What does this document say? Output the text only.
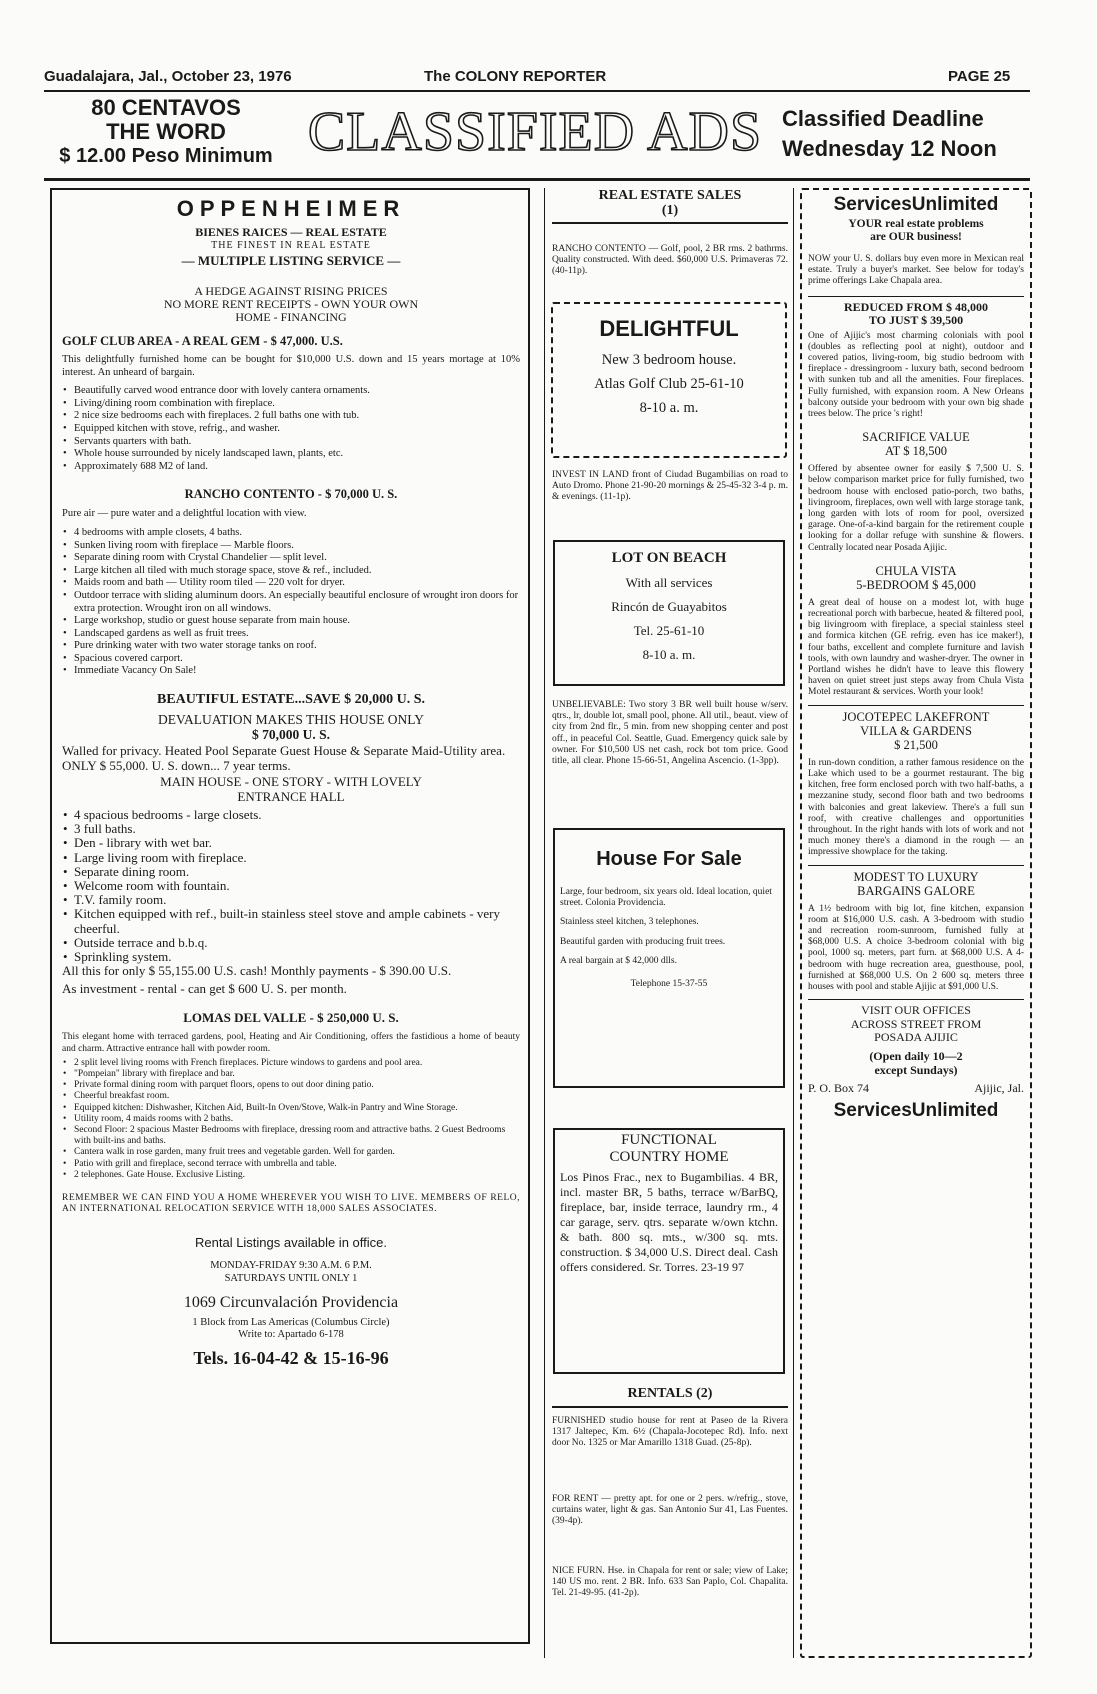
Guadalajara, Jal., October 23, 1976	The COLONY REPORTER	PAGE 25
80 CENTAVOS
THE WORD
$ 12.00 Peso Minimum CLASSIFIED ADS Classified Deadline
Wednesday 12 Noon
OPPENHEIMER
BIENES RAICES — REAL ESTATE
THE FINEST IN REAL ESTATE
— MULTIPLE LISTING SERVICE —
A HEDGE AGAINST RISING PRICES
NO MORE RENT RECEIPTS - OWN YOUR OWN
HOME - FINANCING
GOLF CLUB AREA - A REAL GEM - $ 47,000. U.S.

This delightfully furnished home can be bought for $10,000 U.S. down and 15 years mortage at 10% interest. An unheard of bargain.

• Beautifully carved wood entrance door with lovely cantera ornaments.
• Living/dining room combination with fireplace.
• 2 nice size bedrooms each with fireplaces. 2 full baths one with tub.
• Equipped kitchen with stove, refrig., and washer.
• Servants quarters with bath.
• Whole house surrounded by nicely landscaped lawn, plants, etc.
• Approximately 688 M2 of land.
RANCHO CONTENTO - $ 70,000 U. S.

Pure air — pure water and a delightful location with view.

• 4 bedrooms with ample closets, 4 baths.
• Sunken living room with fireplace — Marble floors.
• Separate dining room with Crystal Chandelier — split level.
• Large kitchen all tiled with much storage space, stove & ref., included.
• Maids room and bath — Utility room tiled — 220 volt for dryer.
• Outdoor terrace with sliding aluminum doors. An especially beautiful enclosure of wrought iron doors for extra protection. Wrought iron on all windows.
• Large workshop, studio or guest house separate from main house.
• Landscaped gardens as well as fruit trees.
• Pure drinking water with two water storage tanks on roof.
• Spacious covered carport.
• Immediate Vacancy On Sale!
BEAUTIFUL ESTATE...SAVE $ 20,000 U. S.
DEVALUATION MAKES THIS HOUSE ONLY
$ 70,000 U. S.

Walled for privacy. Heated Pool Separate Guest House & Separate Maid-Utility area. ONLY $ 55,000. U. S. down... 7 year terms.

MAIN HOUSE - ONE STORY - WITH LOVELY
ENTRANCE HALL
• 4 spacious bedrooms - large closets.
• 3 full baths.
• Den - library with wet bar.
• Large living room with fireplace.
• Separate dining room.
• Welcome room with fountain.
• T.V. family room.
• Kitchen equipped with ref., built-in stainless steel stove and ample cabinets - very cheerful.
• Outside terrace and b.b.q.
• Sprinkling system.

All this for only $ 55,155.00 U.S. cash! Monthly payments - $ 390.00 U.S.

As investment - rental - can get $ 600 U. S. per month.

LOMAS DEL VALLE - $ 250,000 U. S.

This elegant home with terraced gardens, pool, Heating and Air Conditioning, offers the fastidious a home of beauty and charm. Attractive entrance hall with powder room.

• 2 split level living rooms with French fireplaces. Picture windows to gardens and pool area.
• "Pompeian" library with fireplace and bar.
• Private formal dining room with parquet floors, opens to out door dining patio.
• Cheerful breakfast room.
• Equipped kitchen: Dishwasher, Kitchen Aid, Built-In Oven/Stove, Walk-in Pantry and Wine Storage.
• Utility room, 4 maids rooms with 2 baths.
• Second Floor: 2 spacious Master Bedrooms with fireplace, dressing room and attractive baths. 2 Guest Bedrooms with built-ins and baths.
• Cantera walk in rose garden, many fruit trees and vegetable garden. Well for garden.
• Patio with grill and fireplace, second terrace with umbrella and table.
• 2 telephones. Gate House. Exclusive Listing.

REMEMBER WE CAN FIND YOU A HOME WHEREVER YOU WISH TO LIVE. MEMBERS OF RELO, AN INTERNATIONAL RELOCATION SERVICE WITH 18,000 SALES ASSOCIATES.

Rental Listings available in office.
MONDAY-FRIDAY 9:30 A.M. 6 P.M.
SATURDAYS UNTIL ONLY 1
1069 Circunvalación Providencia
1 Block from Las Americas (Columbus Circle)
Write to: Apartado 6-178
Tels. 16-04-42 & 15-16-96
REAL ESTATE SALES
(1)

RANCHO CONTENTO — Golf, pool, 2 BR rms. 2 bathrms. Quality constructed. With deed. $60,000 U.S. Primaveras 72. (40-11p).

DELIGHTFUL
New 3 bedroom house.
Atlas Golf Club 25-61-10
8-10 a. m.

INVEST IN LAND front of Ciudad Bugambilias on road to Auto Dromo. Phone 21-90-20 mornings & 25-45-32 3-4 p. m. & evenings. (11-1p).

LOT ON BEACH
With all services
Rincón de Guayabitos
Tel. 25-61-10
8-10 a. m.

UNBELIEVABLE: Two story 3 BR well built house w/serv. qtrs., lr, double lot, small pool, phone. All util., beaut. view of city from 2nd flr., 5 min. from new shopping center and post off., in peaceful Col. Seattle, Guad. Emergency quick sale by owner. For $10,500 US net cash, rock bot tom price. Good title, all clear. Phone 15-66-51, Angelina Ascencio. (1-3pp).

House For Sale

Large, four bedroom, six years old. Ideal location, quiet street. Colonia Providencia.

Stainless steel kitchen, 3 telephones.

Beautiful garden with producing fruit trees.

A real bargain at $ 42,000 dlls.

Telephone 15-37-55
FUNCTIONAL
COUNTRY HOME

Los Pinos Frac., nex to Bugambilias. 4 BR, incl. master BR, 5 baths, terrace w/BarBQ, fireplace, bar, inside terrace, laundry rm., 4 car garage, serv. qtrs. separate w/own ktchn. & bath. 800 sq. mts., w/300 sq. mts. construction. $ 34,000 U.S. Direct deal. Cash offers considered. Sr. Torres. 23-19 97

RENTALS (2)

FURNISHED studio house for rent at Paseo de la Rivera 1317 Jaltepec, Km. 6½ (Chapala-Jocotepec Rd). Info. next door No. 1325 or Mar Amarillo 1318 Guad. (25-8p).

FOR RENT — pretty apt. for one or 2 pers. w/refrig., stove, curtains water, light & gas. San Antonio Sur 41, Las Fuentes. (39-4p).

NICE FURN. Hse. in Chapala for rent or sale; view of Lake; 140 US mo. rent. 2 BR. Info. 633 San Paplo, Col. Chapalita. Tel. 21-49-95. (41-2p).

ServicesUnlimited
YOUR real estate problems
are OUR business!

NOW your U. S. dollars buy even more in Mexican real estate. Truly a buyer's market. See below for today's prime offerings Lake Chapala area.

REDUCED FROM $ 48,000
TO JUST $ 39,500

One of Ajijic's most charming colonials with pool (doubles as reflecting pool at night), outdoor and covered patios, living-room, big studio bedroom with fireplace - dressingroom - luxury bath, second bedroom with sunken tub and all the amenities. Four fireplaces. Fully furnished, with expansion room. A New Orleans balcony outside your bedroom with your own big shade trees below. The price 's right!

SACRIFICE VALUE
AT $ 18,500

Offered by absentee owner for easily $ 7,500 U. S. below comparison market price for fully furnished, two bedroom house with enclosed patio-porch, two baths, livingroom, fireplaces, own well with large storage tank, long garden with lots of room for pool, oversized garage. One-of-a-kind bargain for the retirement couple looking for a dollar refuge with sunshine & flowers. Centrally located near Posada Ajijic.

CHULA VISTA
5-BEDROOM $ 45,000

A great deal of house on a modest lot, with huge recreational porch with barbecue, heated & filtered pool, big livingroom with fireplace, a special stainless steel and formica kitchen (GE refrig. even has ice maker!), four baths, excellent and complete furniture and lavish tools, with own laundry and washer-dryer. The owner in Portland wishes he didn't have to leave this flowery haven on quiet street just steps away from Chula Vista Motel restaurant & services. Worth your look!

JOCOTEPEC LAKEFRONT
VILLA & GARDENS
$ 21,500

In run-down condition, a rather famous residence on the Lake which used to be a gourmet restaurant. The big kitchen, free form enclosed porch with two half-baths, a mezzanine study, second floor bath and two bedrooms with balconies and great lakeview. There's a full sun roof, with creative challenges and opportunities throughout. In the right hands with lots of work and not much money there's a diamond in the rough — an impressive showplace for the taking.

MODEST TO LUXURY
BARGAINS GALORE

A 1½ bedroom with big lot, fine kitchen, expansion room at $16,000 U.S. cash. A 3-bedroom with studio and recreation room-sunroom, furnished fully at $68,000 U.S. A choice 3-bedroom colonial with big pool, 1000 sq. meters, part furn. at $68,000 U.S. A 4-bedroom with huge recreation area, guesthouse, pool, furnished at $68,000 U.S. On 2 600 sq. meters three houses with pool and stable Ajijic at $91,000 U.S.

VISIT OUR OFFICES
ACROSS STREET FROM
POSADA AJIJIC
(Open daily 10—2
except Sundays)
P. O. Box 74	Ajijic, Jal.
ServicesUnlimited
